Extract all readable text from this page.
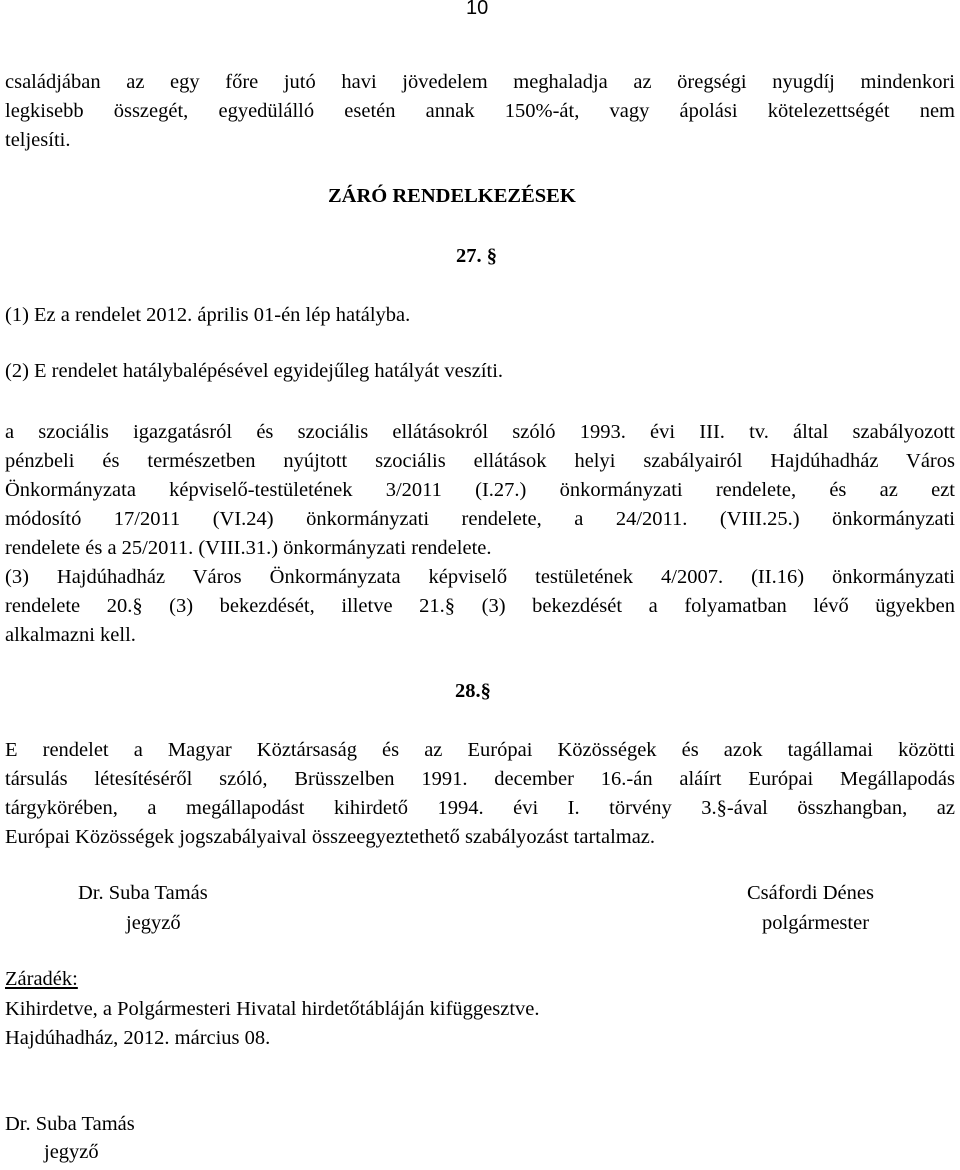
10
családjában az egy főre jutó havi jövedelem meghaladja az öregségi nyugdíj mindenkori
legkisebb összegét, egyedülálló esetén annak 150%-át, vagy ápolási kötelezettségét nem
teljesíti.
ZÁRÓ RENDELKEZÉSEK
27. §
(1) Ez a rendelet 2012. április 01-én lép hatályba.
(2) E rendelet hatálybalépésével egyidejűleg hatályát veszíti.
a szociális igazgatásról és szociális ellátásokról szóló 1993. évi III. tv. által szabályozott
pénzbeli és természetben nyújtott szociális ellátások helyi szabályairól Hajdúhadház Város
Önkormányzata képviselő-testületének 3/2011 (I.27.) önkormányzati rendelete, és az ezt
módosító 17/2011 (VI.24) önkormányzati rendelete, a 24/2011. (VIII.25.) önkormányzati
rendelete és a 25/2011. (VIII.31.) önkormányzati rendelete.
(3) Hajdúhadház Város Önkormányzata képviselő testületének 4/2007. (II.16) önkormányzati
rendelete 20.§ (3) bekezdését, illetve 21.§ (3) bekezdését a folyamatban lévő ügyekben
alkalmazni kell.
28.§
E rendelet a Magyar Köztársaság és az Európai Közösségek és azok tagállamai közötti
társulás létesítéséről szóló, Brüsszelben 1991. december 16.-án aláírt Európai Megállapodás
tárgykörében, a megállapodást kihirdető 1994. évi I. törvény 3.§-ával összhangban, az
Európai Közösségek jogszabályaival összeegyeztethető szabályozást tartalmaz.
Dr. Suba Tamás
jegyző
Csáfordi Dénes
polgármester
Záradék:
Kihirdetve, a Polgármesteri Hivatal hirdetőtábláján kifüggesztve.
Hajdúhadház, 2012. március 08.
Dr. Suba Tamás
jegyző
